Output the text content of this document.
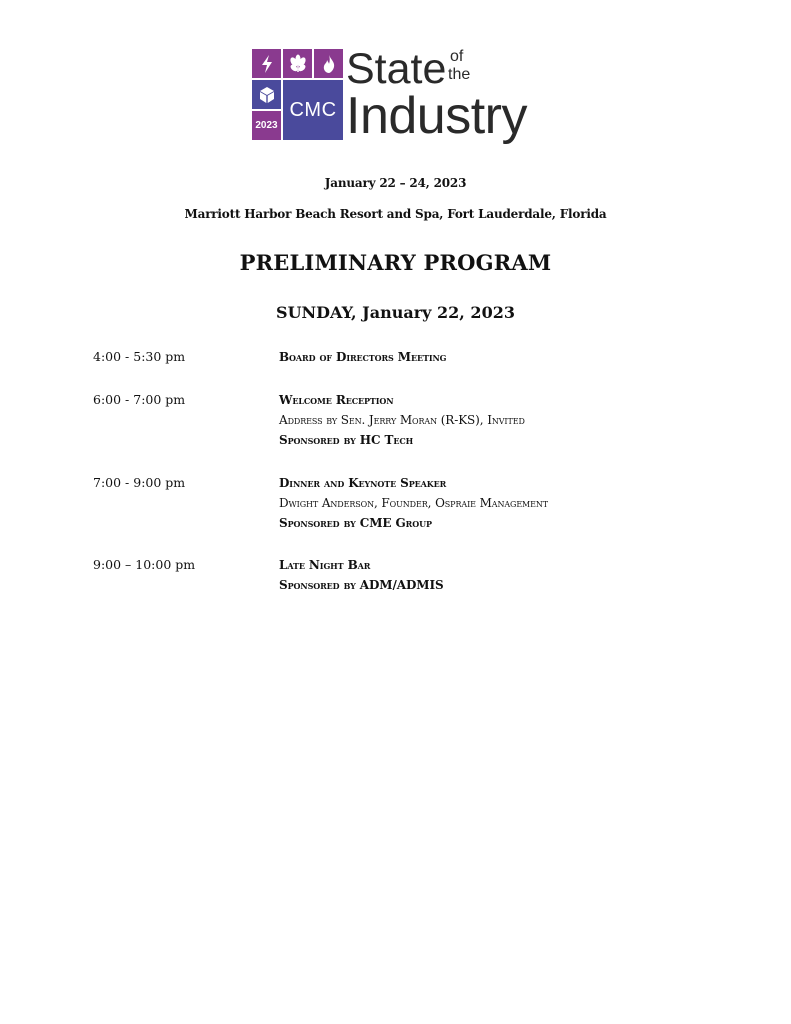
CMC
2023
State of
the
Industry
January 22 – 24, 2023
Marriott Harbor Beach Resort and Spa, Fort Lauderdale, Florida
PRELIMINARY PROGRAM
SUNDAY, January 22, 2023
4:00 - 5:30 pm	Board of Directors Meeting
6:00 - 7:00 pm	Welcome Reception
Address by Sen. Jerry Moran (R-KS), Invited
Sponsored by HC Tech
7:00 - 9:00 pm	Dinner and Keynote Speaker
Dwight Anderson, Founder, Ospraie Management
Sponsored by CME Group
9:00 – 10:00 pm	Late Night Bar
Sponsored by ADM/ADMIS
